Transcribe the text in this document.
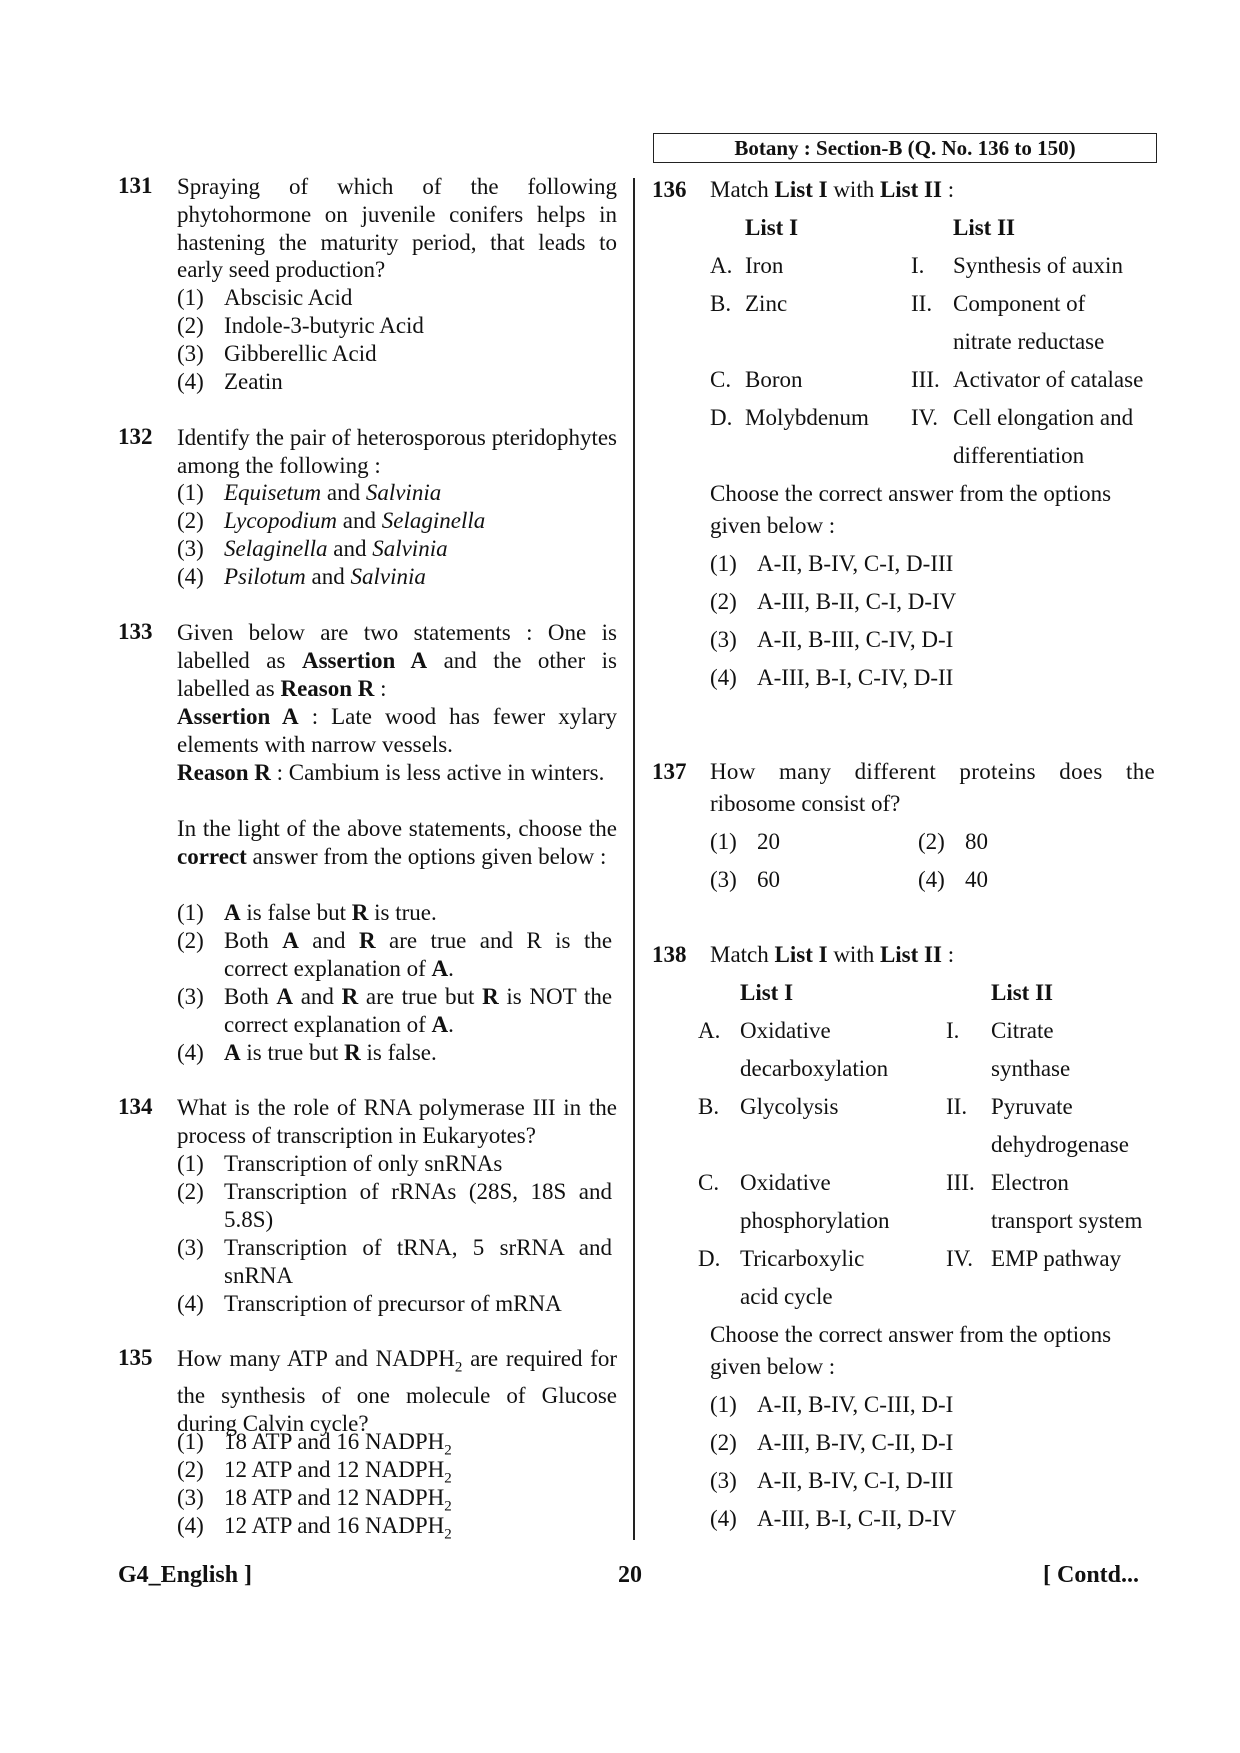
Botany : Section-B (Q. No. 136 to 150)
131 Spraying of which of the following phytohormone on juvenile conifers helps in hastening the maturity period, that leads to early seed production?
(1) Abscisic Acid
(2) Indole-3-butyric Acid
(3) Gibberellic Acid
(4) Zeatin
132 Identify the pair of heterosporous pteridophytes among the following :
(1) Equisetum and Salvinia
(2) Lycopodium and Selaginella
(3) Selaginella and Salvinia
(4) Psilotum and Salvinia
133 Given below are two statements : One is labelled as Assertion A and the other is labelled as Reason R :
Assertion A : Late wood has fewer xylary elements with narrow vessels.
Reason R : Cambium is less active in winters.
In the light of the above statements, choose the correct answer from the options given below :
(1) A is false but R is true.
(2) Both A and R are true and R is the correct explanation of A.
(3) Both A and R are true but R is NOT the correct explanation of A.
(4) A is true but R is false.
134 What is the role of RNA polymerase III in the process of transcription in Eukaryotes?
(1) Transcription of only snRNAs
(2) Transcription of rRNAs (28S, 18S and 5.8S)
(3) Transcription of tRNA, 5 srRNA and snRNA
(4) Transcription of precursor of mRNA
135 How many ATP and $NADPH_2$ are required for the synthesis of one molecule of Glucose during Calvin cycle?
(1) 18 ATP and 16 $NADPH_2$
(2) 12 ATP and 12 $NADPH_2$
(3) 18 ATP and 12 $NADPH_2$
(4) 12 ATP and 16 $NADPH_2$
136 Match List I with List II :
List I	List II
A. Iron	I. Synthesis of auxin
B. Zinc	II. Component of
nitrate reductase
C. Boron	III. Activator of catalase
D. Molybdenum IV. Cell elongation and
differentiation
Choose the correct answer from the options
given below :
(1) A-II, B-IV, C-I, D-III
(2) A-III, B-II, C-I, D-IV
(3) A-II, B-III, C-IV, D-I
(4) A-III, B-I, C-IV, D-II
137 How many different proteins does the
ribosome consist of?
(1) 20	(2) 80
(3) 60	(4) 40
138 Match List I with List II :
List I	List II
A. Oxidative	I. Citrate
decarboxylation	synthase
B. Glycolysis	II. Pyruvate
dehydrogenase
C. Oxidative	III. Electron
phosphorylation	transport system
D. Tricarboxylic	IV. EMP pathway
acid cycle
Choose the correct answer from the options
given below :
(1) A-II, B-IV, C-III, D-I
(2) A-III, B-IV, C-II, D-I
(3) A-II, B-IV, C-I, D-III
(4) A-III, B-I, C-II, D-IV
G4_English ]	20	[ Contd...
